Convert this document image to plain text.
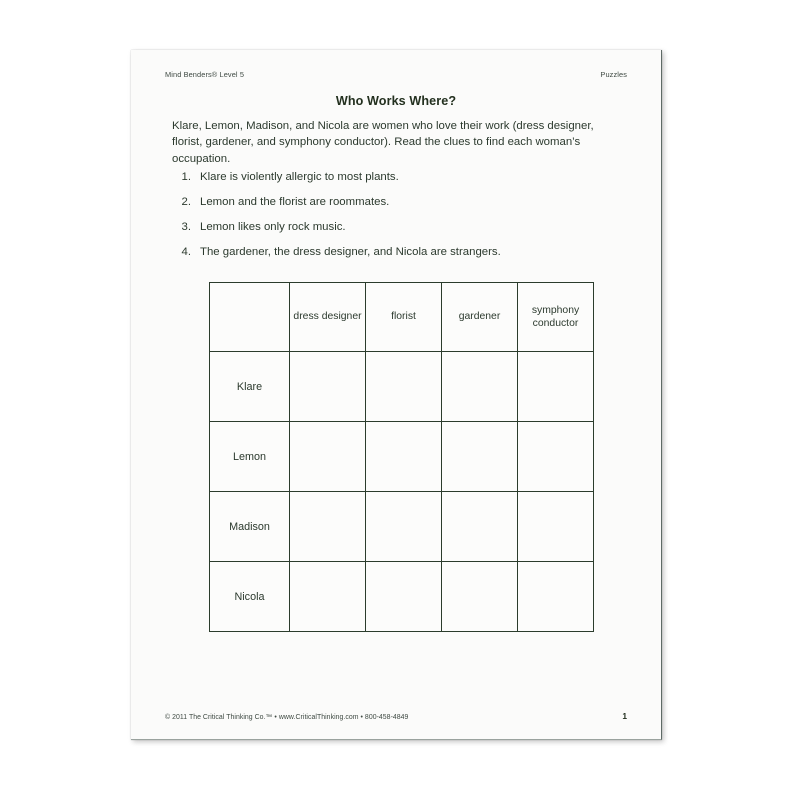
Mind Benders® Level 5	Puzzles
Who Works Where?
Klare, Lemon, Madison, and Nicola are women who love their work (dress designer, florist, gardener, and symphony conductor). Read the clues to find each woman’s occupation.
1. Klare is violently allergic to most plants.
2. Lemon and the florist are roommates.
3. Lemon likes only rock music.
4. The gardener, the dress designer, and Nicola are strangers.
	dress designer	florist	gardener	symphony conductor
Klare				
Lemon				
Madison				
Nicola				
© 2011 The Critical Thinking Co.™ • www.CriticalThinking.com • 800-458-4849	1
